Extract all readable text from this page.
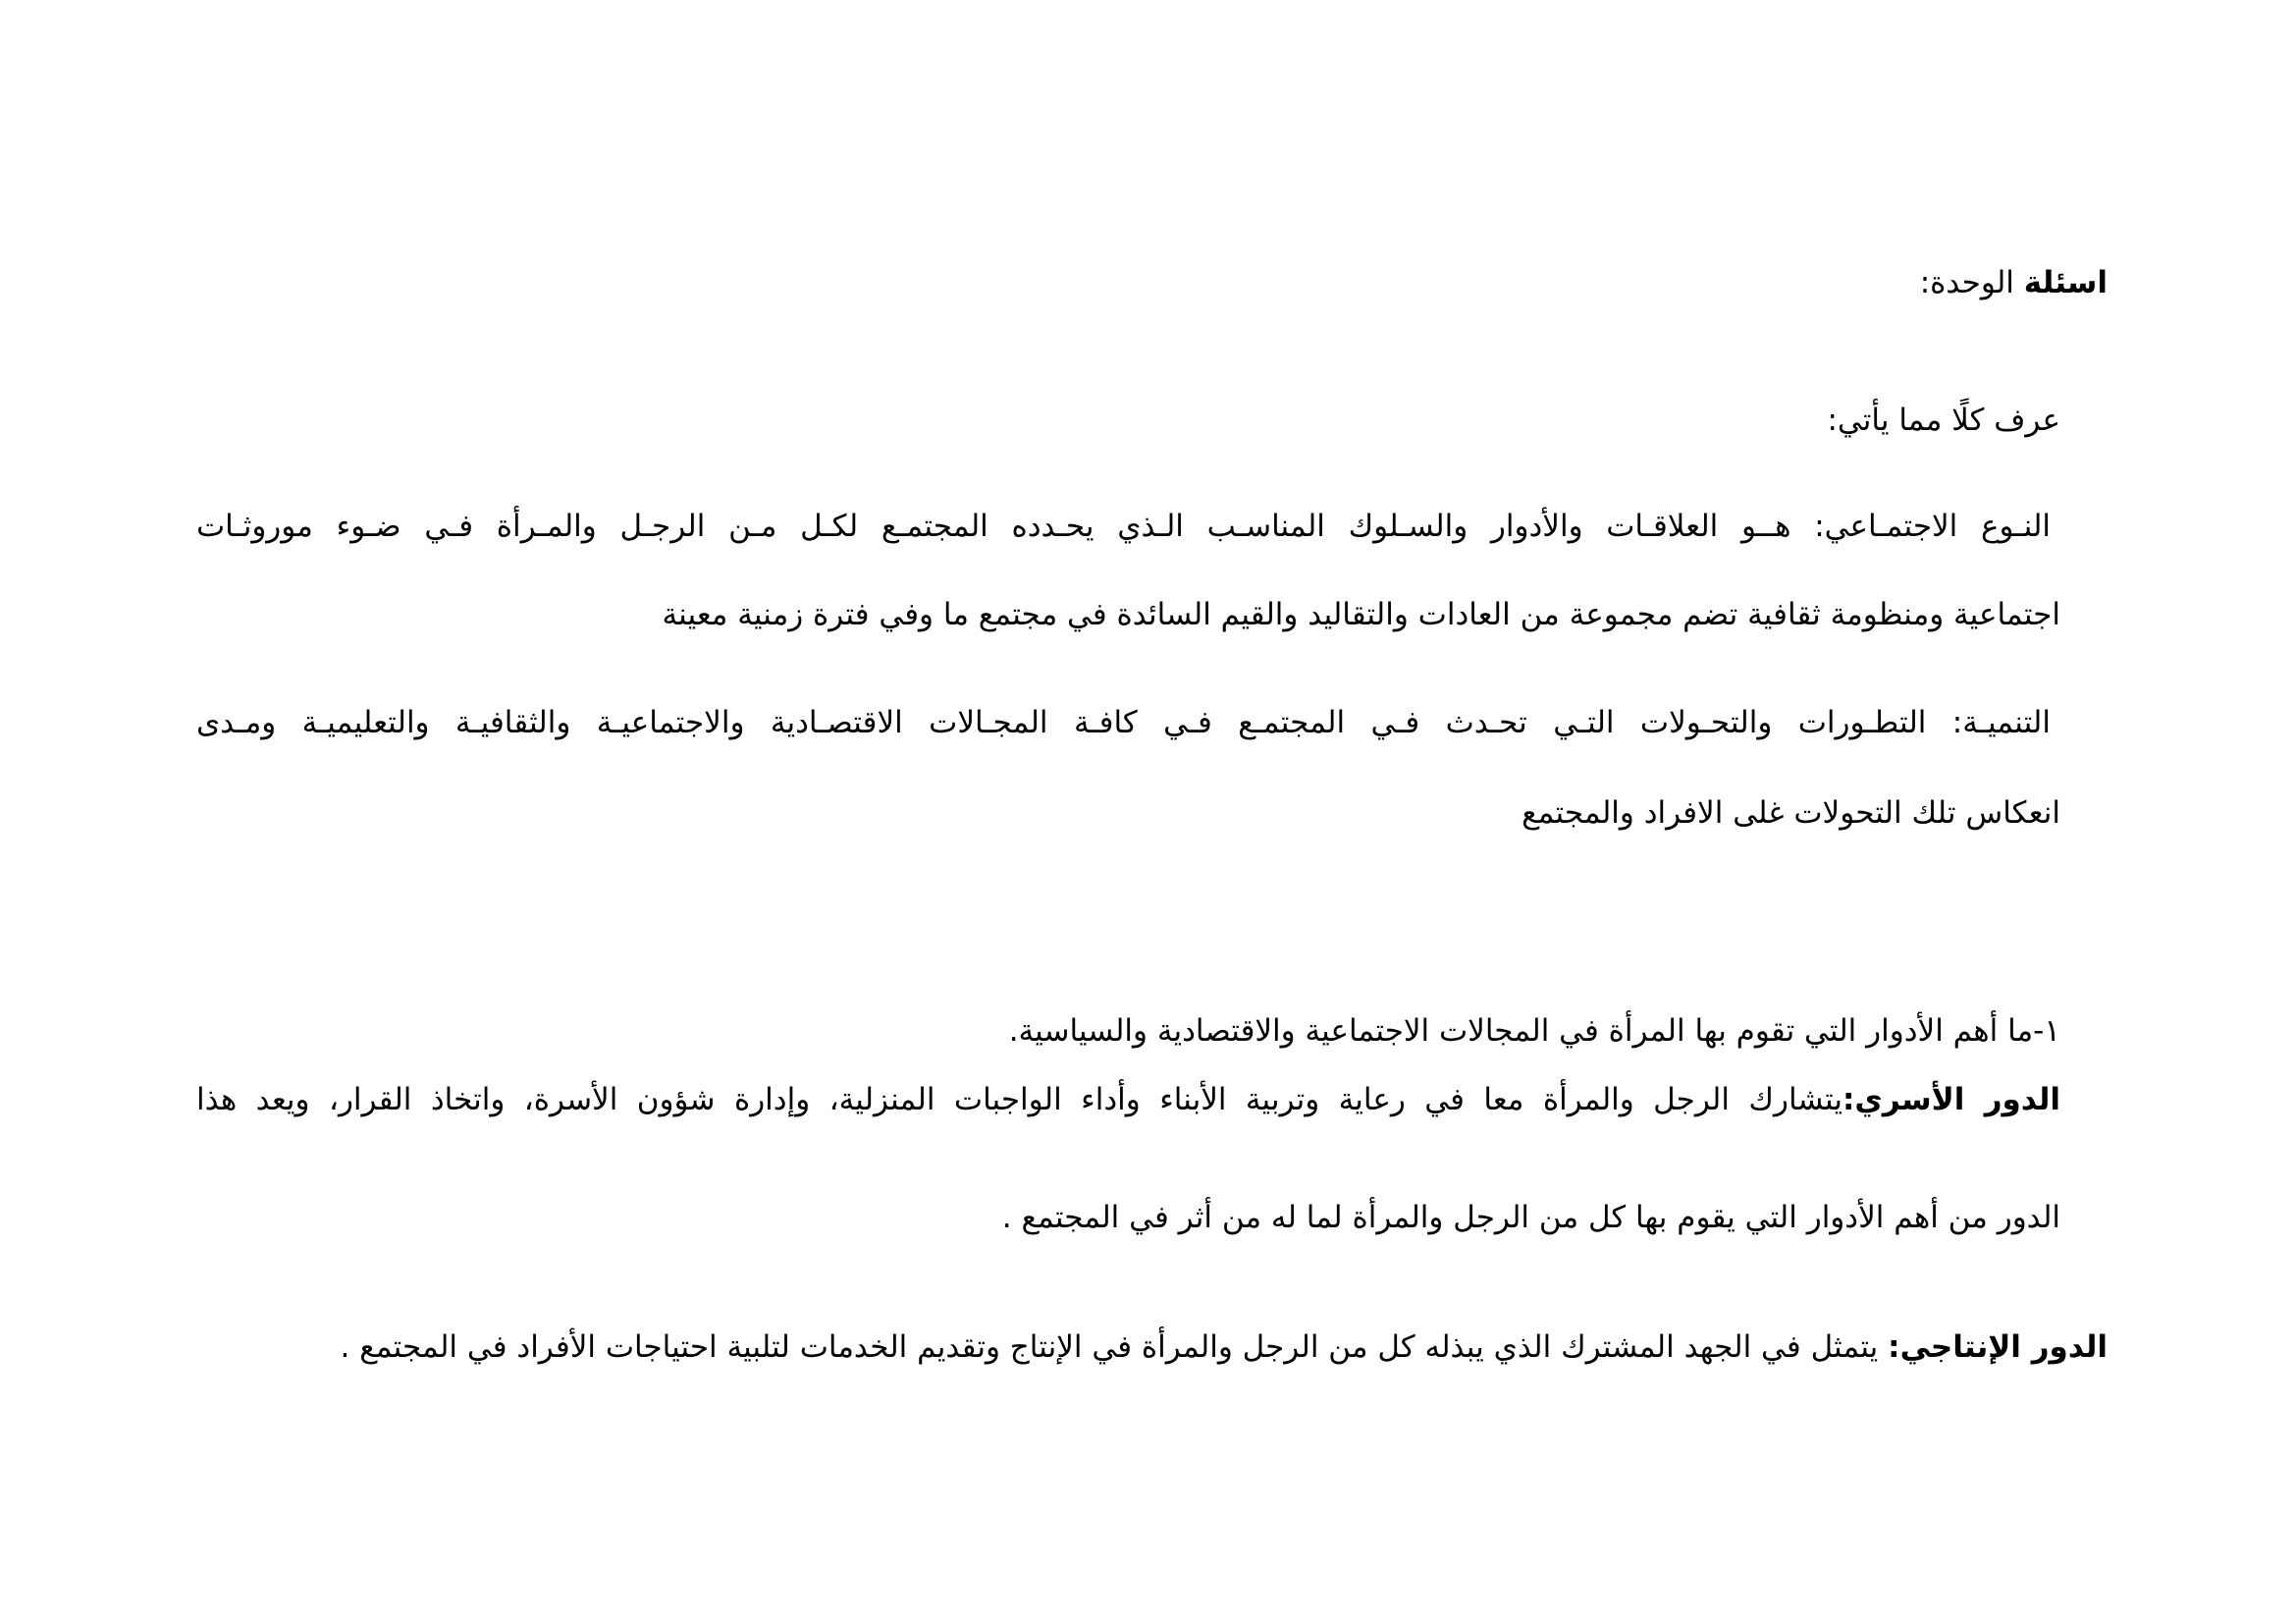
اسئلة الوحدة:
عرف كلًا مما يأتي:
النـوع الاجتمـاعي: هــو العلاقـات والأدوار والسـلوك المناسـب الـذي يحـدده المجتمـع لكـل مـن الرجـل والمـرأة فـي ضـوء موروثـات
اجتماعية ومنظومة ثقافية تضم مجموعة من العادات والتقاليد والقيم السائدة في مجتمع ما وفي فترة زمنية معينة
التنميـة: التطـورات والتحـولات التـي تحـدث فـي المجتمـع فـي كافـة المجـالات الاقتصـادية والاجتماعيـة والثقافيـة والتعليميـة ومـدى
انعكاس تلك التحولات غلى الافراد والمجتمع
١-ما أهم الأدوار التي تقوم بها المرأة في المجالات الاجتماعية والاقتصادية والسياسية.
الدور الأسري:يتشارك الرجل والمرأة معا في رعاية وتربية الأبناء وأداء الواجبات المنزلية، وإدارة شؤون الأسرة، واتخاذ القرار، ويعد هذا
الدور من أهم الأدوار التي يقوم بها كل من الرجل والمرأة لما له من أثر في المجتمع .
الدور الإنتاجي: يتمثل في الجهد المشترك الذي يبذله كل من الرجل والمرأة في الإنتاج وتقديم الخدمات لتلبية احتياجات الأفراد في المجتمع .
